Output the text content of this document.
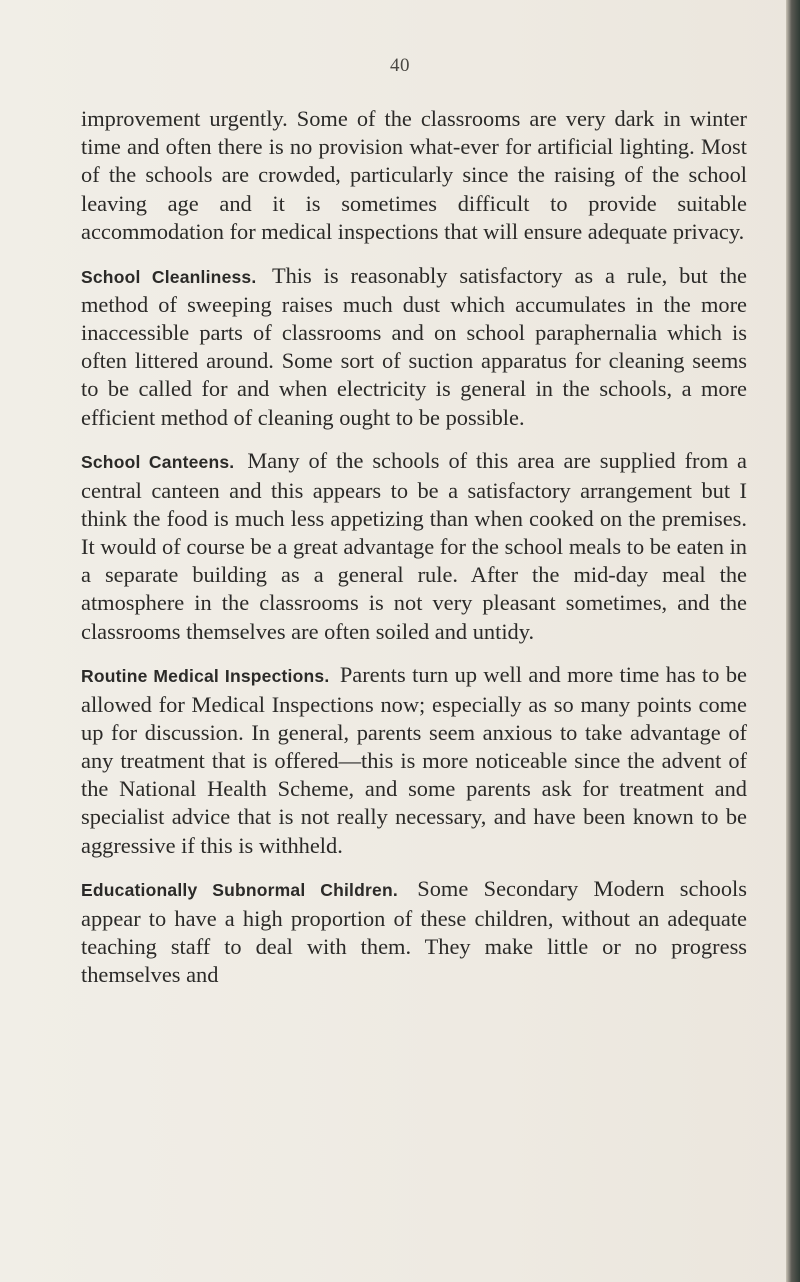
40

improvement urgently. Some of the classrooms are very dark in winter time and often there is no provision what-ever for artificial lighting. Most of the schools are crowded, particularly since the raising of the school leaving age and it is sometimes difficult to provide suitable accommodation for medical inspections that will ensure adequate privacy.

School Cleanliness. This is reasonably satisfactory as a rule, but the method of sweeping raises much dust which accumulates in the more inaccessible parts of classrooms and on school paraphernalia which is often littered around. Some sort of suction apparatus for cleaning seems to be called for and when electricity is general in the schools, a more efficient method of cleaning ought to be possible.

School Canteens. Many of the schools of this area are supplied from a central canteen and this appears to be a satisfactory arrangement but I think the food is much less appetizing than when cooked on the premises. It would of course be a great advantage for the school meals to be eaten in a separate building as a general rule. After the mid-day meal the atmosphere in the classrooms is not very pleasant sometimes, and the classrooms themselves are often soiled and untidy.

Routine Medical Inspections. Parents turn up well and more time has to be allowed for Medical Inspections now; especially as so many points come up for discussion. In general, parents seem anxious to take advantage of any treatment that is offered—this is more noticeable since the advent of the National Health Scheme, and some parents ask for treatment and specialist advice that is not really necessary, and have been known to be aggressive if this is withheld.

Educationally Subnormal Children. Some Secondary Modern schools appear to have a high proportion of these children, without an adequate teaching staff to deal with them. They make little or no progress themselves and
